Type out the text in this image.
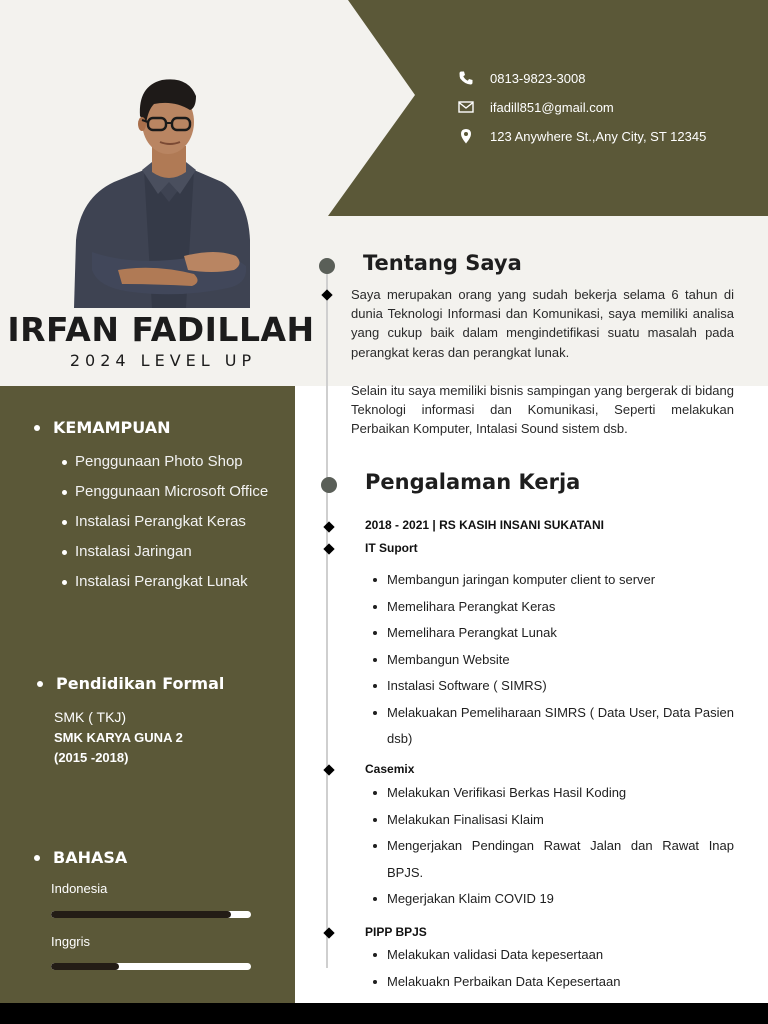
IRFAN FADILLAH
2024 LEVEL UP
0813-9823-3008
ifadill851@gmail.com
123 Anywhere St.,Any City, ST 12345
KEMAMPUAN
Penggunaan Photo Shop
Penggunaan Microsoft Office
Instalasi Perangkat Keras
Instalasi Jaringan
Instalasi Perangkat Lunak
Pendidikan Formal
SMK ( TKJ)
SMK KARYA GUNA 2
(2015 -2018)
BAHASA
Indonesia
Inggris
Tentang Saya
Saya merupakan orang yang sudah bekerja selama 6 tahun di dunia Teknologi Informasi dan Komunikasi, saya memiliki analisa yang cukup baik dalam mengindetifikasi suatu masalah pada perangkat keras dan perangkat lunak.
Selain itu saya memiliki bisnis sampingan yang bergerak di bidang Teknologi informasi dan Komunikasi, Seperti melakukan Perbaikan Komputer, Intalasi Sound sistem dsb.
Pengalaman Kerja
2018 - 2021 | RS KASIH INSANI SUKATANI
IT Suport
Membangun jaringan komputer client to server
Memelihara Perangkat Keras
Memelihara Perangkat Lunak
Membangun Website
Instalasi Software ( SIMRS)
Melakuakan Pemeliharaan SIMRS ( Data User, Data Pasien dsb)
Casemix
Melakukan Verifikasi Berkas Hasil Koding
Melakukan Finalisasi Klaim
Mengerjakan Pendingan Rawat Jalan dan Rawat Inap BPJS.
Megerjakan Klaim COVID 19
PIPP BPJS
Melakukan validasi Data kepesertaan
Melakuakn Perbaikan Data Kepesertaan
